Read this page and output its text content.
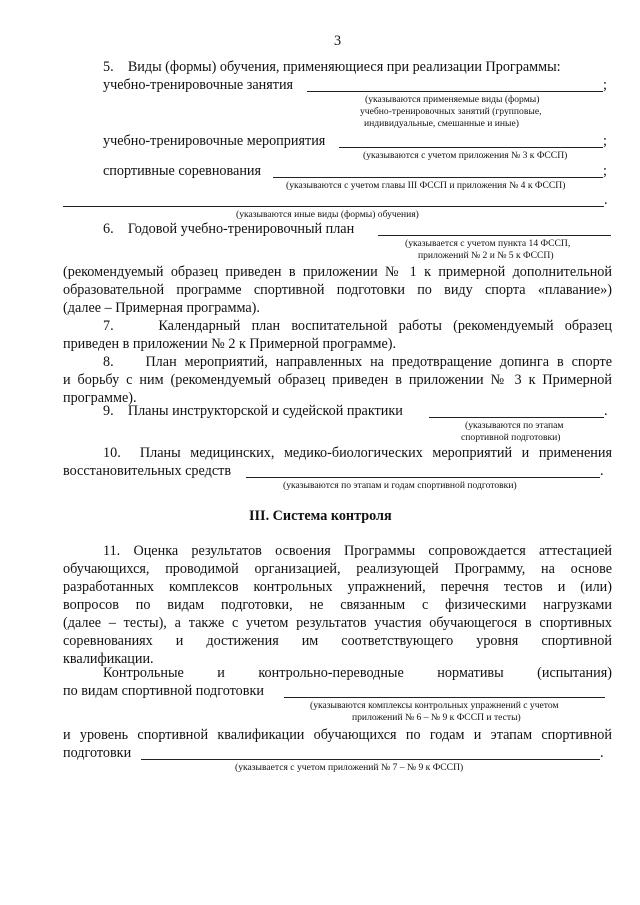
3
5.    Виды (формы) обучения, применяющиеся при реализации Программы:
учебно-тренировочные занятия	;
(указываются применяемые виды (формы)
учебно-тренировочных занятий (групповые,
индивидуальные, смешанные и иные)
учебно-тренировочные мероприятия	;
(указываются с учетом приложения № 3 к ФССП)
спортивные соревнования	;
(указываются с учетом главы III ФССП и приложения № 4 к ФССП)
.
(указываются иные виды (формы) обучения)
6.    Годовой учебно-тренировочный план
(указывается с учетом пункта 14 ФССП,
приложений № 2 и № 5 к ФССП)
(рекомендуемый образец приведен в приложении № 1 к примерной дополнительной
образовательной программе спортивной подготовки по виду спорта «плавание»)
(далее – Примерная программа).
7.    Календарный план воспитательной работы (рекомендуемый образец
приведен в приложении № 2 к Примерной программе).
8.    План мероприятий, направленных на предотвращение допинга в спорте
и борьбу с ним (рекомендуемый образец приведен в приложении № 3 к Примерной
программе).
9.    Планы инструкторской и судейской практики	.
(указываются по этапам
спортивной подготовки)
10.  Планы медицинских, медико-биологических мероприятий и применения
восстановительных средств	.
(указываются по этапам и годам спортивной подготовки)
III. Система контроля
11. Оценка результатов освоения Программы сопровождается аттестацией
обучающихся, проводимой организацией, реализующей Программу, на основе
разработанных комплексов контрольных упражнений, перечня тестов и (или)
вопросов по видам подготовки, не связанным с физическими нагрузками
(далее – тесты), а также с учетом результатов участия обучающегося в спортивных
соревнованиях и достижения им соответствующего уровня спортивной
квалификации.
Контрольные и контрольно-переводные нормативы (испытания)
по видам спортивной подготовки
(указываются комплексы контрольных упражнений с учетом
приложений № 6 – № 9 к ФССП и тесты)
и уровень спортивной квалификации обучающихся по годам и этапам спортивной
подготовки	.
(указывается с учетом приложений № 7 – № 9 к ФССП)
